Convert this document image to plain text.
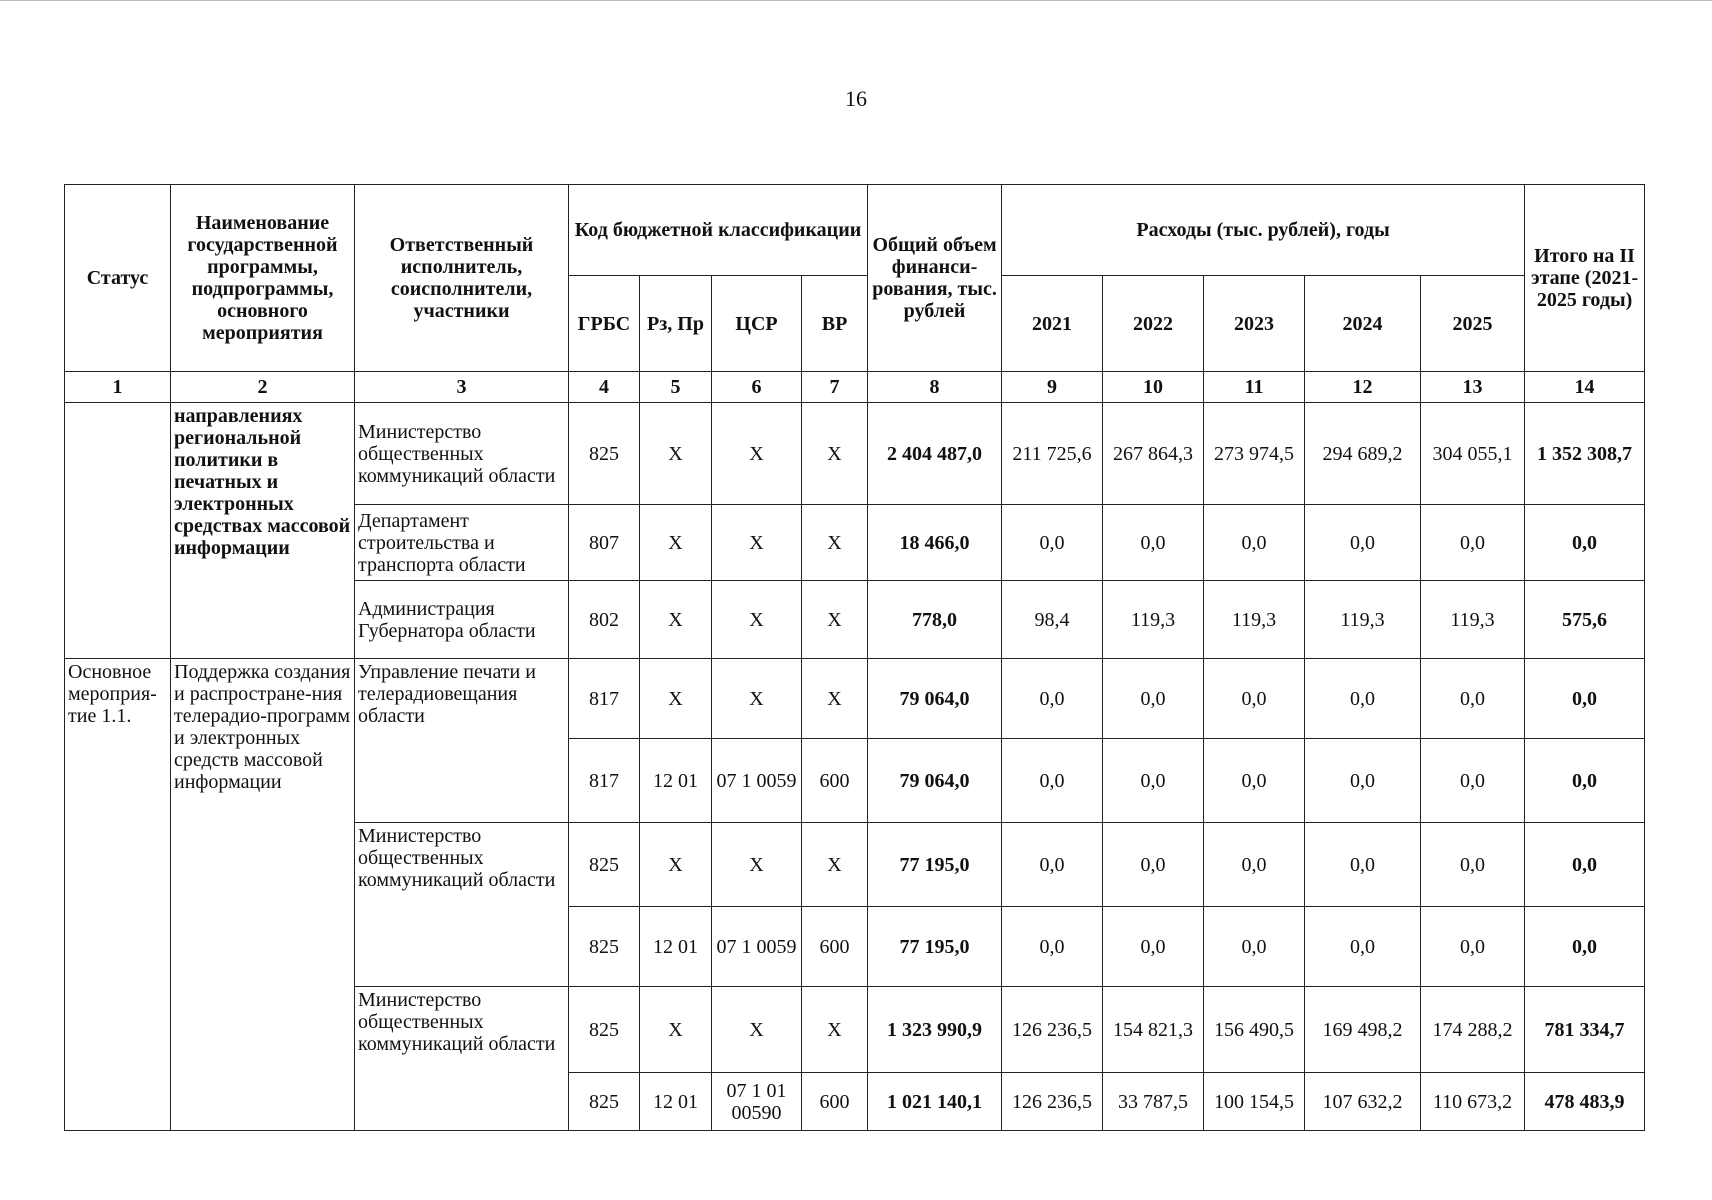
16
Статус	Наименование государственной программы, подпрограммы, основного мероприятия	Ответственный исполнитель, соисполнители, участники	Код бюджетной классификации				Общий объем финанси-рования, тыс. рублей	Расходы (тыс. рублей), годы					Итого на II этапе (2021-2025 годы)
			ГРБС	Рз, Пр	ЦСР	ВР		2021	2022	2023	2024	2025	
1	2	3	4	5	6	7	8	9	10	11	12	13	14
	направлениях региональной политики в печатных и электронных средствах массовой информации	Министерство общественных коммуникаций области	825	X	X	X	2 404 487,0	211 725,6	267 864,3	273 974,5	294 689,2	304 055,1	1 352 308,7
		Департамент строительства и транспорта области	807	X	X	X	18 466,0	0,0	0,0	0,0	0,0	0,0	0,0
		Администрация Губернатора области	802	X	X	X	778,0	98,4	119,3	119,3	119,3	119,3	575,6
Основное мероприя-тие 1.1.	Поддержка создания и распростране-ния телерадио-программ и электронных средств массовой информации	Управление печати и телерадиовещания области	817	X	X	X	79 064,0	0,0	0,0	0,0	0,0	0,0	0,0
			817	12 01	07 1 0059	600	79 064,0	0,0	0,0	0,0	0,0	0,0	0,0
		Министерство общественных коммуникаций области	825	X	X	X	77 195,0	0,0	0,0	0,0	0,0	0,0	0,0
			825	12 01	07 1 0059	600	77 195,0	0,0	0,0	0,0	0,0	0,0	0,0
		Министерство общественных коммуникаций области	825	X	X	X	1 323 990,9	126 236,5	154 821,3	156 490,5	169 498,2	174 288,2	781 334,7
			825	12 01	07 1 01 00590	600	1 021 140,1	126 236,5	33 787,5	100 154,5	107 632,2	110 673,2	478 483,9
